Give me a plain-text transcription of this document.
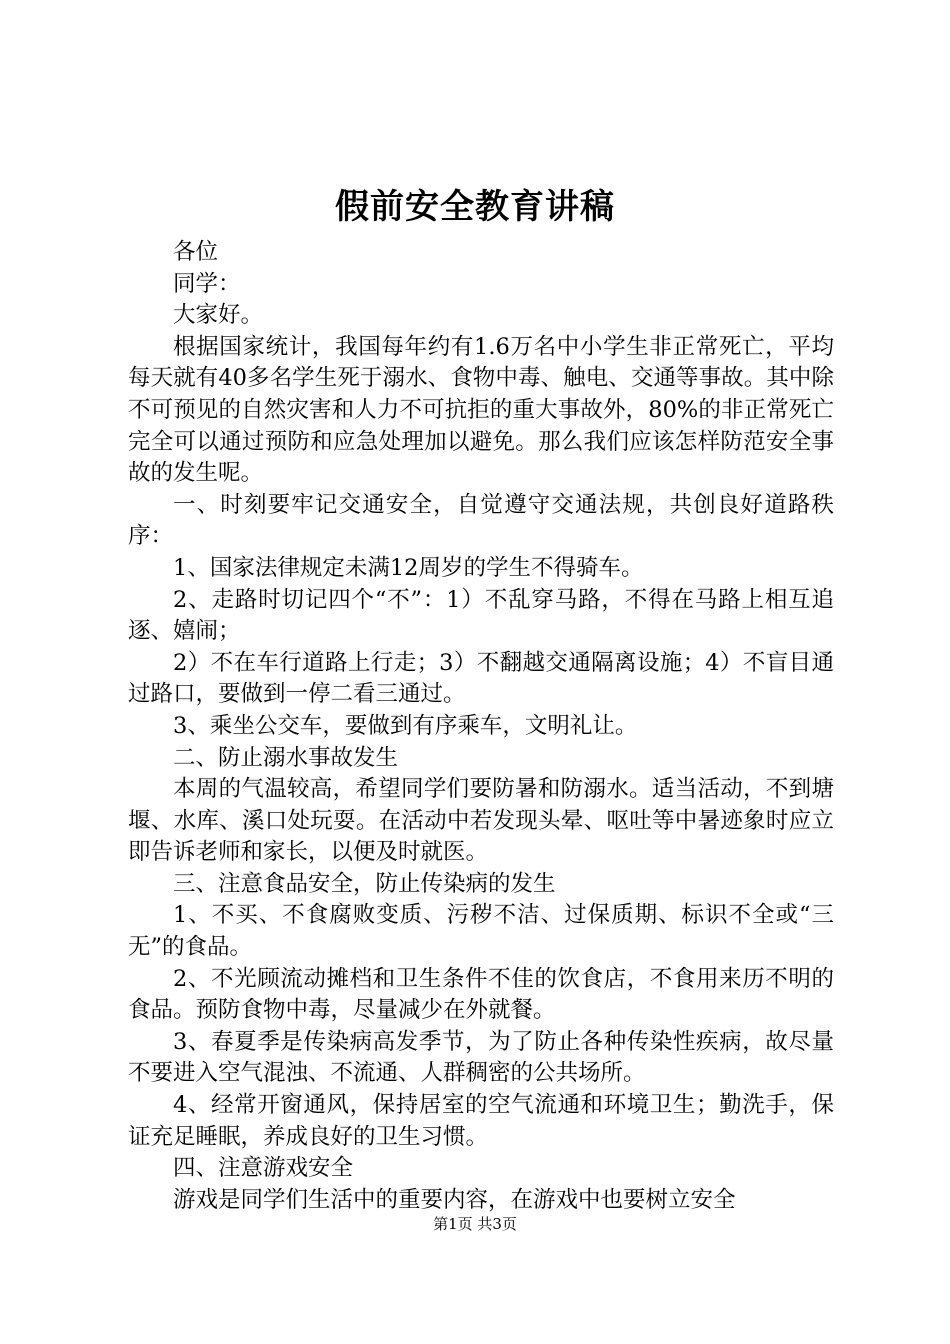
假前安全教育讲稿

各位

同学：

大家好。

根据国家统计，我国每年约有1.6万名中小学生非正常死亡，平均每天就有40多名学生死于溺水、食物中毒、触电、交通等事故。其中除不可预见的自然灾害和人力不可抗拒的重大事故外，80%的非正常死亡完全可以通过预防和应急处理加以避免。那么我们应该怎样防范安全事故的发生呢。

一、时刻要牢记交通安全，自觉遵守交通法规，共创良好道路秩序：

1、国家法律规定未满12周岁的学生不得骑车。

2、走路时切记四个“不”：1）不乱穿马路，不得在马路上相互追逐、嬉闹；

2）不在车行道路上行走；3）不翻越交通隔离设施；4）不盲目通过路口，要做到一停二看三通过。

3、乘坐公交车，要做到有序乘车，文明礼让。

二、防止溺水事故发生

本周的气温较高，希望同学们要防暑和防溺水。适当活动，不到塘堰、水库、溪口处玩耍。在活动中若发现头晕、呕吐等中暑迹象时应立即告诉老师和家长，以便及时就医。

三、注意食品安全，防止传染病的发生

1、不买、不食腐败变质、污秽不洁、过保质期、标识不全或“三无”的食品。

2、不光顾流动摊档和卫生条件不佳的饮食店，不食用来历不明的食品。预防食物中毒，尽量减少在外就餐。

3、春夏季是传染病高发季节，为了防止各种传染性疾病，故尽量不要进入空气混浊、不流通、人群稠密的公共场所。

4、经常开窗通风，保持居室的空气流通和环境卫生；勤洗手，保证充足睡眠，养成良好的卫生习惯。

四、注意游戏安全

游戏是同学们生活中的重要内容，在游戏中也要树立安全

第1页 共3页
